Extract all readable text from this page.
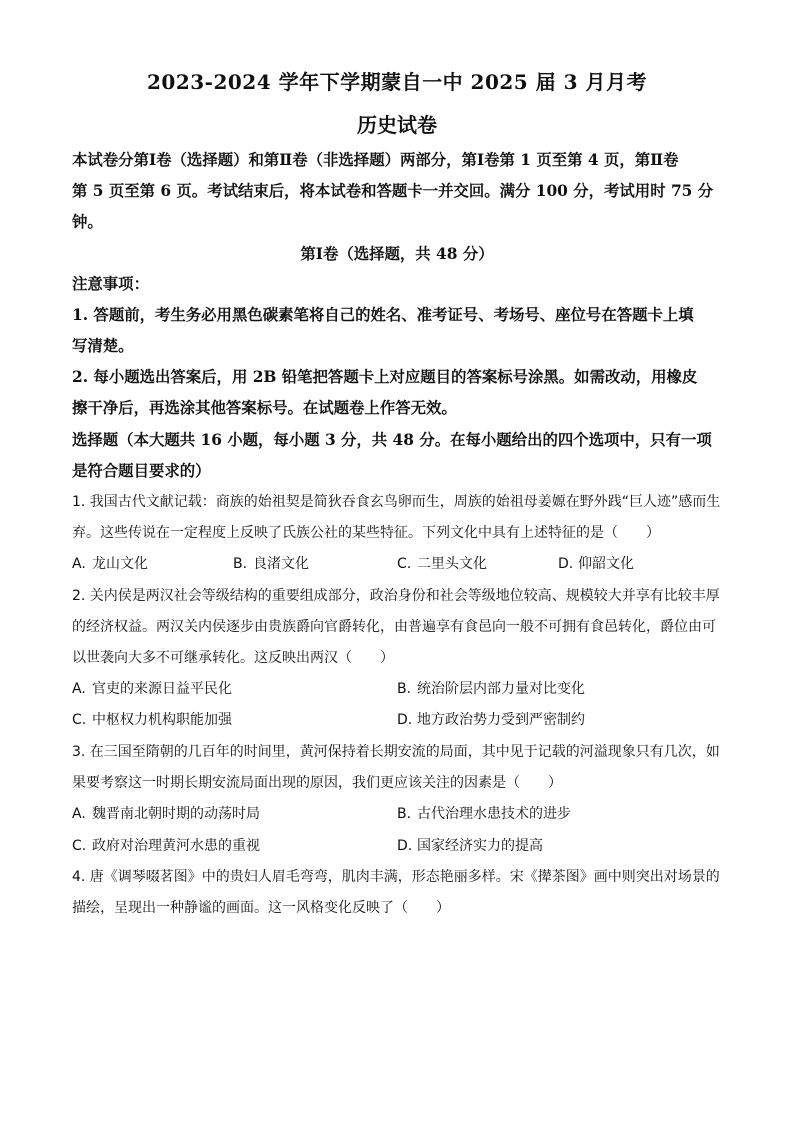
2023-2024 学年下学期蒙自一中 2025 届 3 月月考
历史试卷
本试卷分第Ⅰ卷（选择题）和第Ⅱ卷（非选择题）两部分，第Ⅰ卷第 1 页至第 4 页，第Ⅱ卷
第 5 页至第 6 页。考试结束后，将本试卷和答题卡一并交回。满分 100 分，考试用时 75 分
钟。
第Ⅰ卷（选择题，共 48 分）
注意事项：
1. 答题前，考生务必用黑色碳素笔将自己的姓名、准考证号、考场号、座位号在答题卡上填
写清楚。
2. 每小题选出答案后，用 2B 铅笔把答题卡上对应题目的答案标号涂黑。如需改动，用橡皮
擦干净后，再选涂其他答案标号。在试题卷上作答无效。
选择题（本大题共 16 小题，每小题 3 分，共 48 分。在每小题给出的四个选项中，只有一项
是符合题目要求的）
1. 我国古代文献记载：商族的始祖契是简狄吞食玄鸟卵而生，周族的始祖母姜嫄在野外践“巨人迹”感而生
弃。这些传说在一定程度上反映了氏族公社的某些特征。下列文化中具有上述特征的是（　　）
A. 龙山文化	B. 良渚文化	C. 二里头文化	D. 仰韶文化
2. 关内侯是两汉社会等级结构的重要组成部分，政治身份和社会等级地位较高、规模较大并享有比较丰厚
的经济权益。两汉关内侯逐步由贵族爵向官爵转化，由普遍享有食邑向一般不可拥有食邑转化，爵位由可
以世袭向大多不可继承转化。这反映出两汉（　　）
A. 官吏的来源日益平民化	B. 统治阶层内部力量对比变化
C. 中枢权力机构职能加强	D. 地方政治势力受到严密制约
3. 在三国至隋朝的几百年的时间里，黄河保持着长期安流的局面，其中见于记载的河溢现象只有几次，如
果要考察这一时期长期安流局面出现的原因，我们更应该关注的因素是（　　）
A. 魏晋南北朝时期的动荡时局	B. 古代治理水患技术的进步
C. 政府对治理黄河水患的重视	D. 国家经济实力的提高
4. 唐《调琴啜茗图》中的贵妇人眉毛弯弯，肌肉丰满，形态艳丽多样。宋《撵茶图》画中则突出对场景的
描绘，呈现出一种静谧的画面。这一风格变化反映了（　　）
